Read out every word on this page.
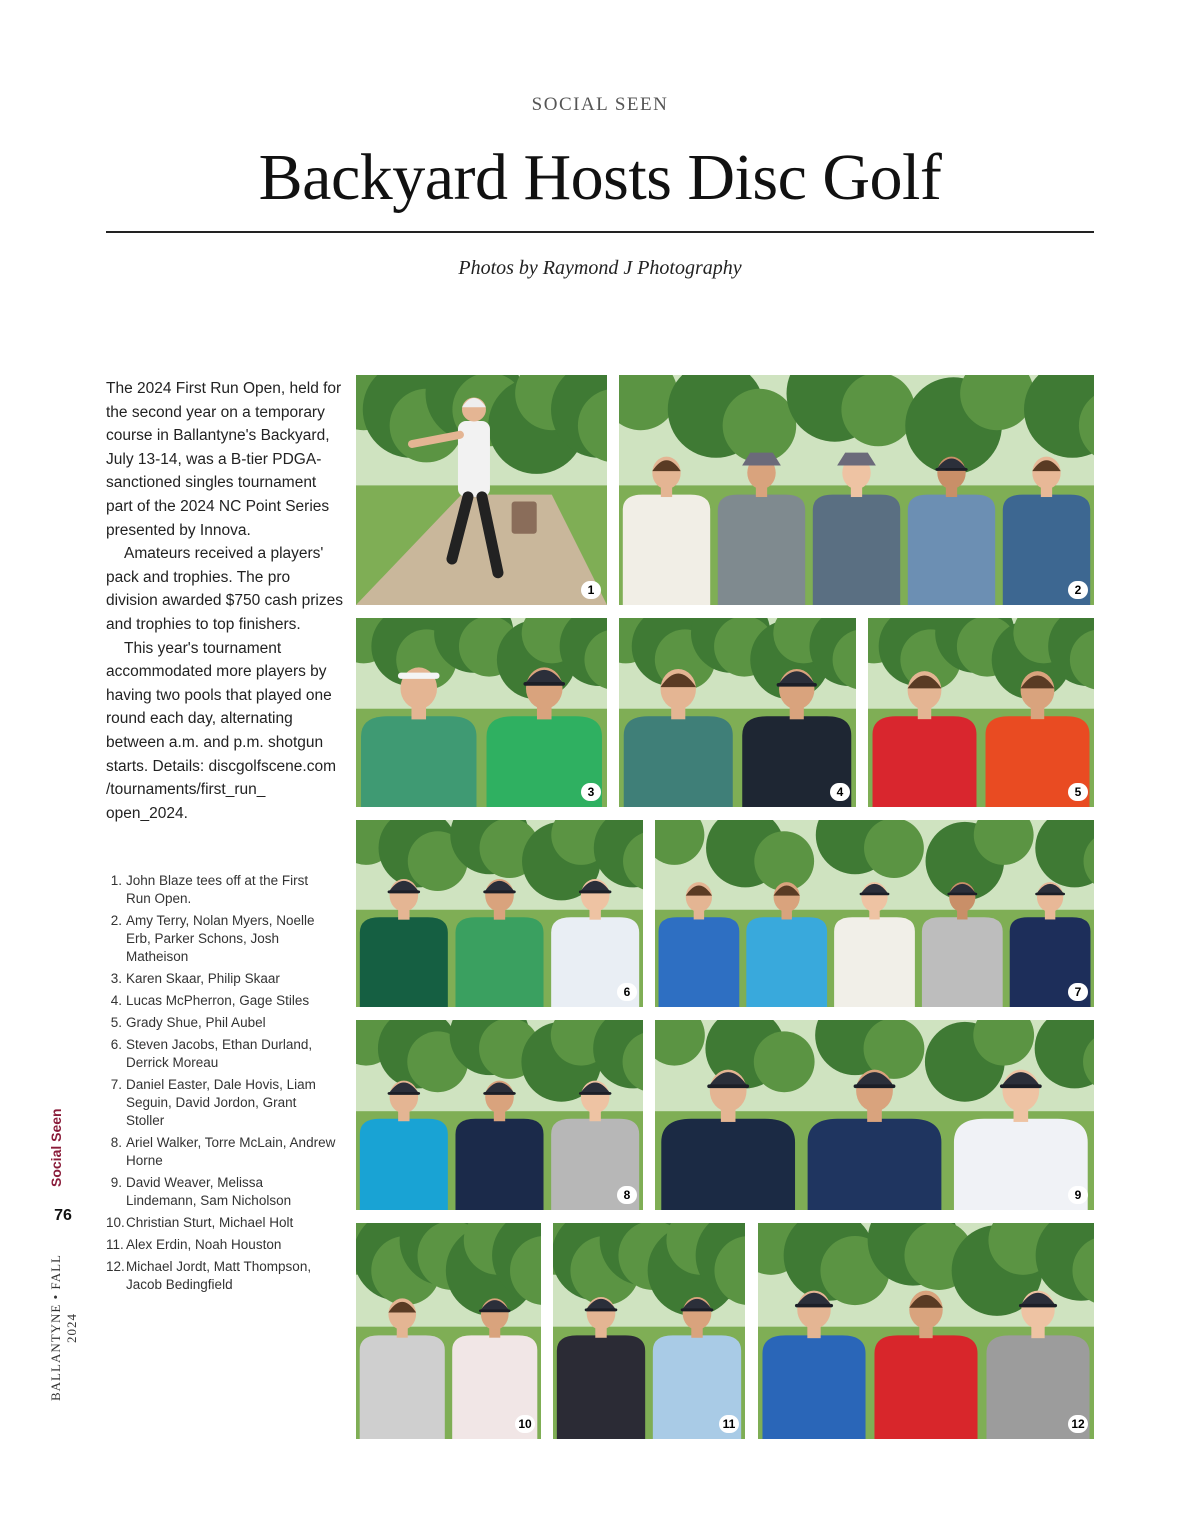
SOCIAL SEEN
Backyard Hosts Disc Golf
Photos by Raymond J Photography

The 2024 First Run Open, held for the second year on a temporary course in Ballantyne's Backyard, July 13-14, was a B-tier PDGA-sanctioned singles tournament part of the 2024 NC Point Series presented by Innova.

Amateurs received a players' pack and trophies. The pro division awarded $750 cash prizes and trophies to top finishers.

This year's tournament accommodated more players by having two pools that played one round each day, alternating between a.m. and p.m. shotgun starts. Details: discgolfscene.com /tournaments/first_run_ open_2024.

1. John Blaze tees off at the First Run Open.
2. Amy Terry, Nolan Myers, Noelle Erb, Parker Schons, Josh Matheison
3. Karen Skaar, Philip Skaar
4. Lucas McPherron, Gage Stiles
5. Grady Shue, Phil Aubel
6. Steven Jacobs, Ethan Durland, Derrick Moreau
7. Daniel Easter, Dale Hovis, Liam Seguin, David Jordon, Grant Stoller
8. Ariel Walker, Torre McLain, Andrew Horne
9. David Weaver, Melissa Lindemann, Sam Nicholson
10. Christian Sturt, Michael Holt
11. Alex Erdin, Noah Houston
12. Michael Jordt, Matt Thompson, Jacob Bedingfield
Social Seen
76
BALLANTYNE • FALL 2024
1	2
3	4	5
6	7
8	9
10	11	12
